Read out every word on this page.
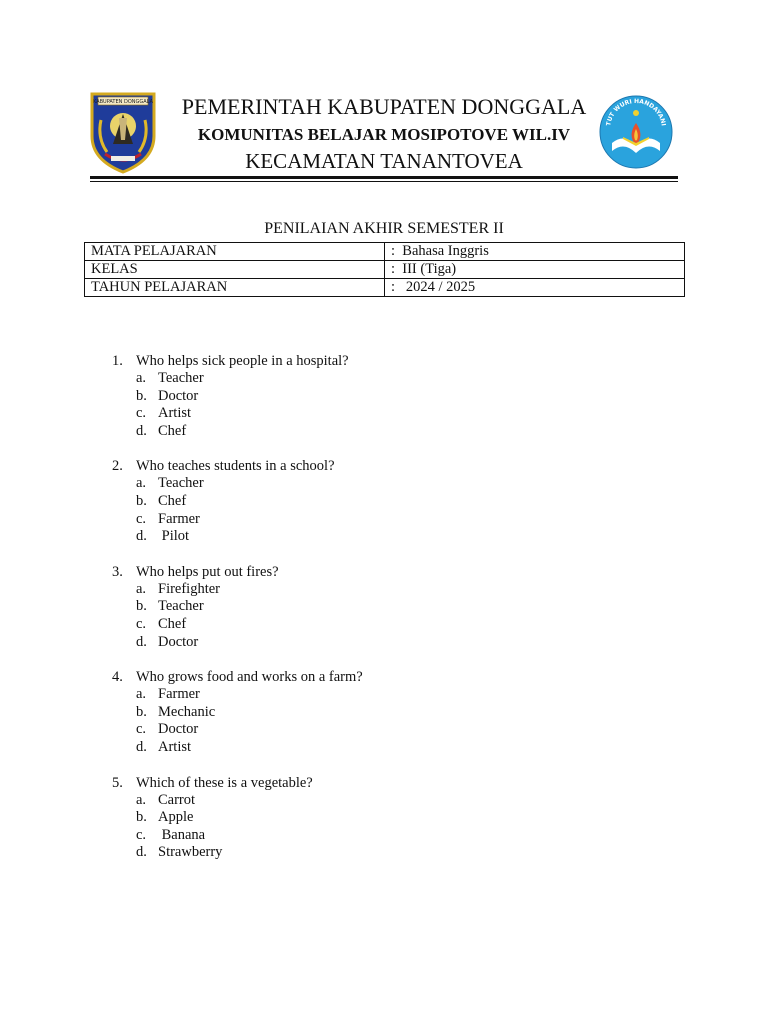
KABUPATEN DONGGALA	PEMERINTAH KABUPATEN DONGGALA
KOMUNITAS BELAJAR MOSIPOTOVE WIL.IV
KECAMATAN TANANTOVEA
TUT WURI HANDAYANI
PENILAIAN AKHIR SEMESTER II
MATA PELAJARAN	:  Bahasa Inggris
KELAS	:  III (Tiga)
TAHUN PELAJARAN	:   2024 / 2025
1. Who helps sick people in a hospital?
a. Teacher
b. Doctor
c. Artist
d. Chef
2. Who teaches students in a school?
a. Teacher
b. Chef
c. Farmer
d. Pilot
3. Who helps put out fires?
a. Firefighter
b. Teacher
c. Chef
d. Doctor
4. Who grows food and works on a farm?
a. Farmer
b. Mechanic
c. Doctor
d. Artist
5. Which of these is a vegetable?
a. Carrot
b. Apple
c. Banana
d. Strawberry
